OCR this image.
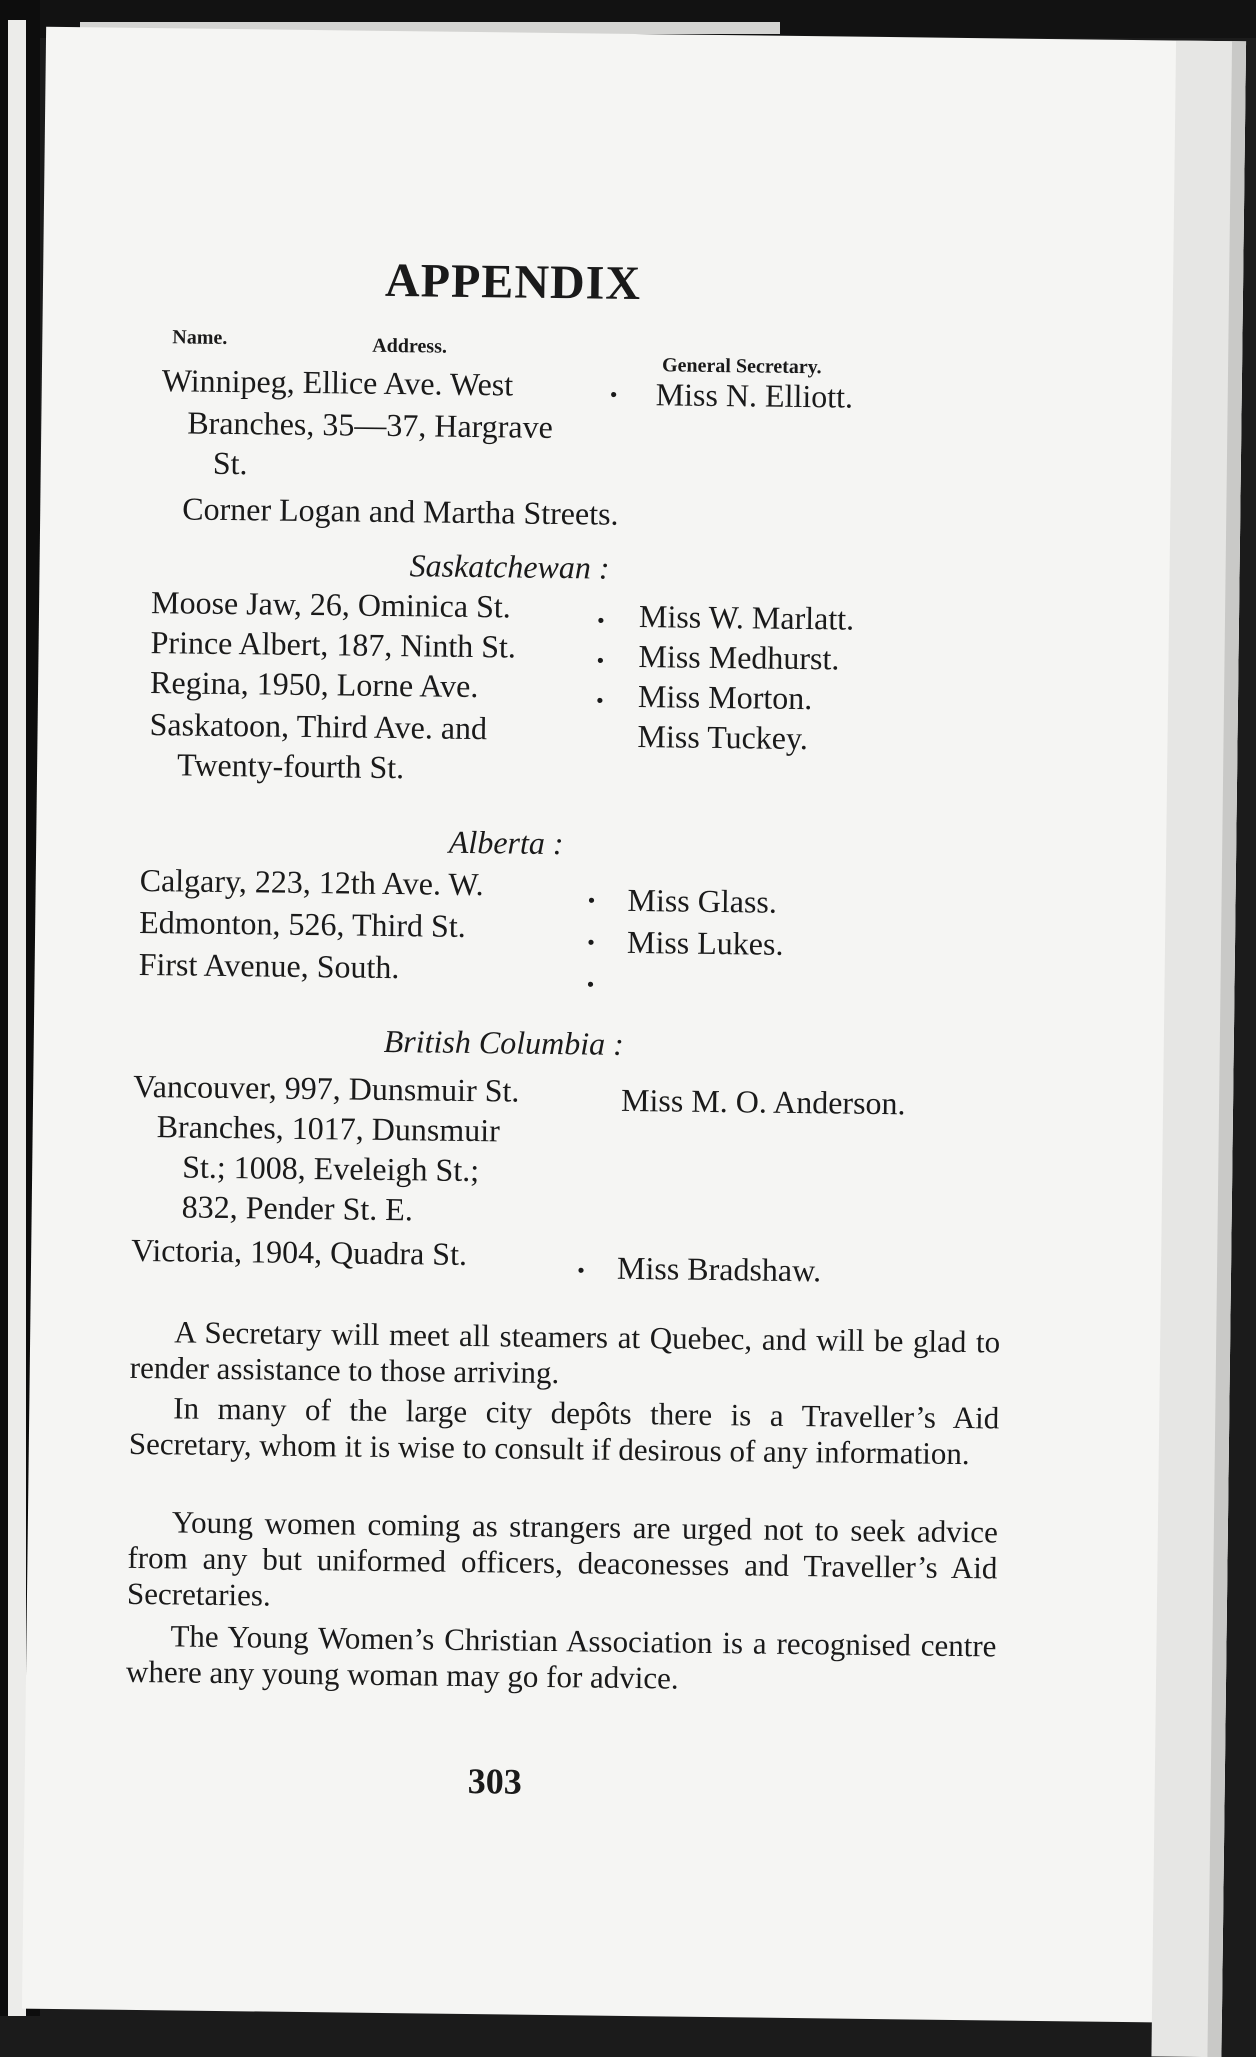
APPENDIX
Name.	Address.
General Secretary.
Winnipeg, Ellice Ave. West	. Miss N. Elliott.
Branches, 35—37, Hargrave
St.
Corner Logan and Martha Streets.
Saskatchewan :
Moose Jaw, 26, Ominica St.	. Miss W. Marlatt.
Prince Albert, 187, Ninth St.	. Miss Medhurst.
Regina, 1950, Lorne Ave.	. Miss Morton.
Saskatoon, Third Ave. and	Miss Tuckey.
Twenty-fourth St.
Alberta :
Calgary, 223, 12th Ave. W.	. Miss Glass.
Edmonton, 526, Third St.	. Miss Lukes.
First Avenue, South.	.
British Columbia :
Vancouver, 997, Dunsmuir St.	Miss M. O. Anderson.
Branches, 1017, Dunsmuir
St.; 1008, Eveleigh St.;
832, Pender St. E.
Victoria, 1904, Quadra St.	. Miss Bradshaw.
A Secretary will meet all steamers at Quebec, and will be glad to render assistance to those arriving.
In many of the large city depôts there is a Traveller’s Aid Secretary, whom it is wise to consult if desirous of any information.
Young women coming as strangers are urged not to seek advice from any but uniformed officers, deaconesses and Traveller’s Aid Secretaries.
The Young Women’s Christian Association is a recognised centre where any young woman may go for advice.
303
